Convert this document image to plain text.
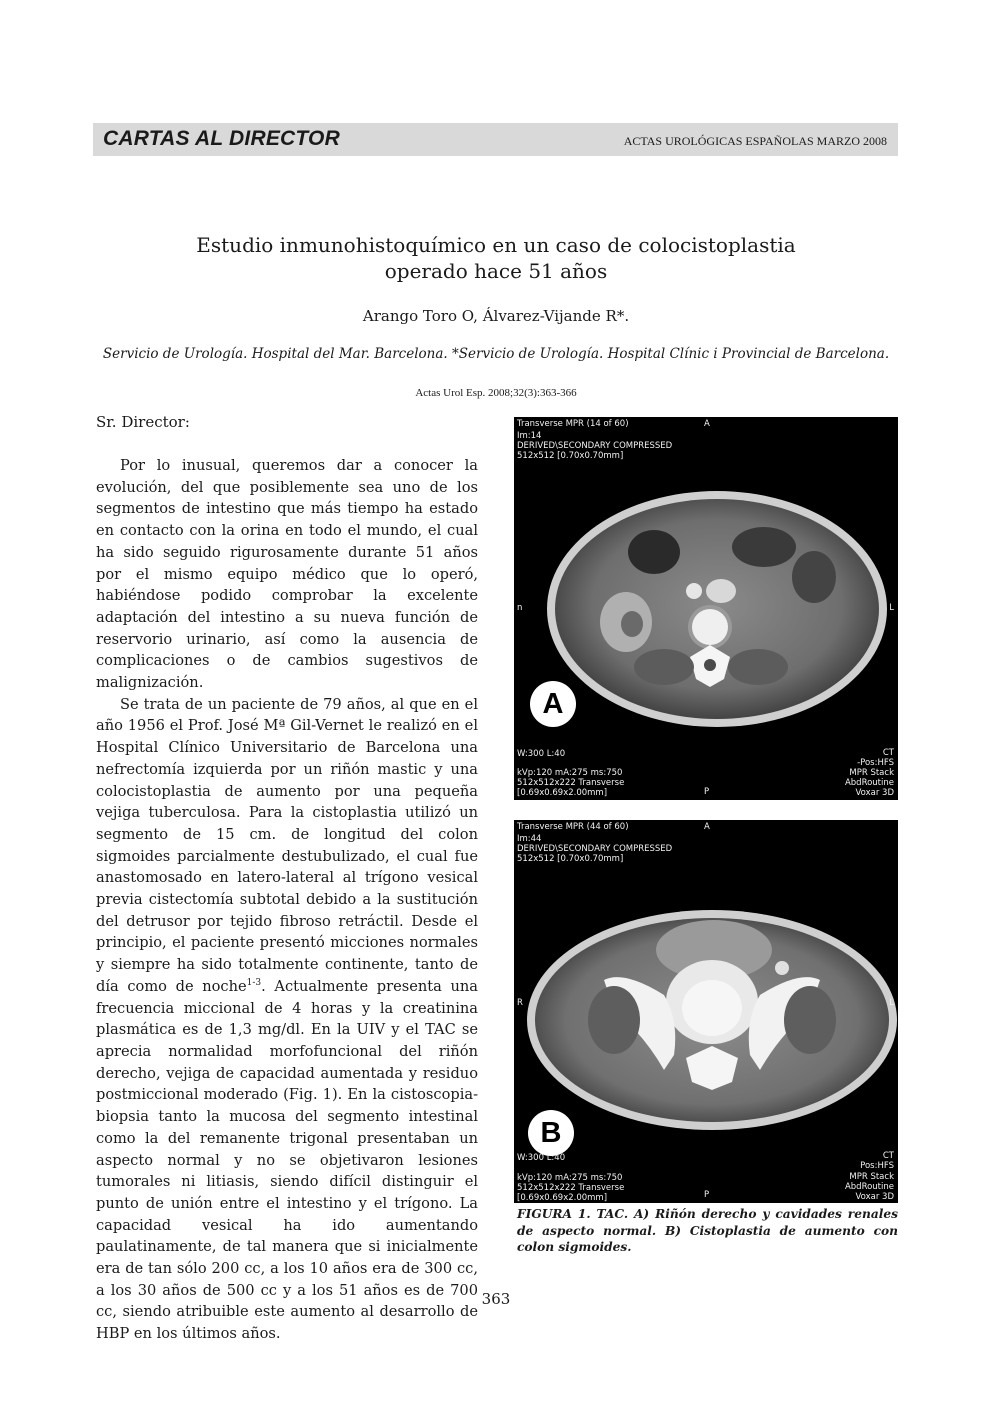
CARTAS AL DIRECTOR	ACTAS UROLÓGICAS ESPAÑOLAS MARZO 2008
Estudio inmunohistoquímico en un caso de colocistoplastia
operado hace 51 años
Arango Toro O, Álvarez-Vijande R*.
Servicio de Urología. Hospital del Mar. Barcelona. *Servicio de Urología. Hospital Clínic i Provincial de Barcelona.
Actas Urol Esp. 2008;32(3):363-366
Sr. Director:

Por lo inusual, queremos dar a conocer la evolución, del que posiblemente sea uno de los segmentos de intestino que más tiempo ha estado en contacto con la orina en todo el mundo, el cual ha sido seguido rigurosamente durante 51 años por el mismo equipo médico que lo operó, habiéndose podido comprobar la excelente adaptación del intestino a su nueva función de reservorio urinario, así como la ausencia de complicaciones o de cambios sugestivos de malignización.

Se trata de un paciente de 79 años, al que en el año 1956 el Prof. José Mª Gil-Vernet le realizó en el Hospital Clínico Universitario de Barcelona una nefrectomía izquierda por un riñón mastic y una colocistoplastia de aumento por una pequeña vejiga tuberculosa. Para la cistoplastia utilizó un segmento de 15 cm. de longitud del colon sigmoides parcialmente destubulizado, el cual fue anastomosado en latero-lateral al trígono vesical previa cistectomía subtotal debido a la sustitución del detrusor por tejido fibroso retráctil. Desde el principio, el paciente presentó micciones normales y siempre ha sido totalmente continente, tanto de día como de noche$^{1-3}$. Actualmente presenta una frecuencia miccional de 4 horas y la creatinina plasmática es de 1,3 mg/dl. En la UIV y el TAC se aprecia normalidad morfofuncional del riñón derecho, vejiga de capacidad aumentada y residuo postmiccional moderado (Fig. 1). En la cistoscopia-biopsia tanto la mucosa del segmento intestinal como la del remanente trigonal presentaban un aspecto normal y no se objetivaron lesiones tumorales ni litiasis, siendo difícil distinguir el punto de unión entre el intestino y el trígono. La capacidad vesical ha ido aumentando paulatinamente, de tal manera que si inicialmente era de tan sólo 200 cc, a los 10 años era de 300 cc, a los 30 años de 500 cc y a los 51 años es de 700 cc, siendo atribuible este aumento al desarrollo de HBP en los últimos años.

Transverse MPR (14 of 60)
Im:14
DERIVED\SECONDARY COMPRESSED
512x512 [0.70x0.70mm]
A
n	L
P
A
W:300 L:40
kVp:120 mA:275 ms:750
512x512x222 Transverse
[0.69x0.69x2.00mm]
CT
-Pos:HFS
MPR Stack
AbdRoutine
Voxar 3D
Transverse MPR (44 of 60)
Im:44
DERIVED\SECONDARY COMPRESSED
512x512 [0.70x0.70mm]
A
R	L
P
B
W:300 L:40
kVp:120 mA:275 ms:750
512x512x222 Transverse
[0.69x0.69x2.00mm]
CT
Pos:HFS
MPR Stack
AbdRoutine
Voxar 3D
FIGURA 1. TAC. A) Riñón derecho y cavidades renales de aspecto normal. B) Cistoplastia de aumento con colon sigmoides.
363
